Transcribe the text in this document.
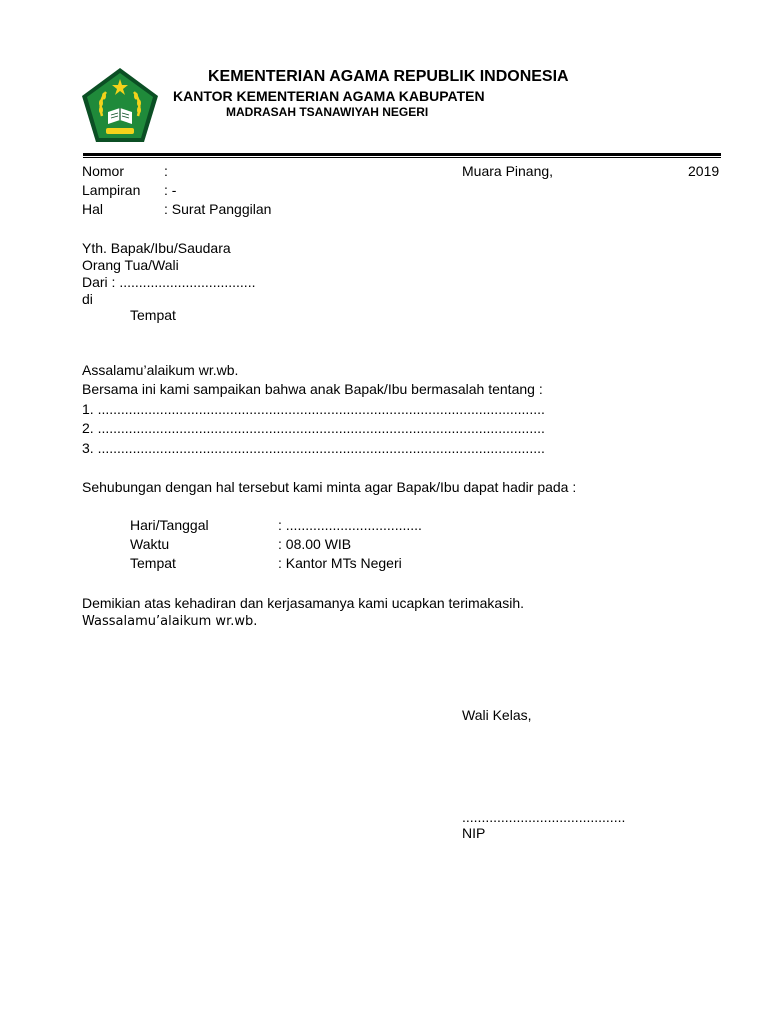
KEMENTERIAN AGAMA REPUBLIK INDONESIA
KANTOR KEMENTERIAN AGAMA KABUPATEN
MADRASAH TSANAWIYAH NEGERI
Nomor	:
Lampiran : -
Hal	: Surat Panggilan
Muara Pinang,	2019
Yth. Bapak/Ibu/Saudara
Orang Tua/Wali
Dari : ...................................
di
Tempat
Assalamu’alaikum wr.wb.
Bersama ini kami sampaikan bahwa anak Bapak/Ibu bermasalah tentang :
1. ...................................................................................................................
2. ...................................................................................................................
3. ...................................................................................................................
Sehubungan dengan hal tersebut kami minta agar Bapak/Ibu dapat hadir pada :
Hari/Tanggal	: ...................................
Waktu	: 08.00 WIB
Tempat	: Kantor MTs Negeri
Demikian atas kehadiran dan kerjasamanya kami ucapkan terimakasih.
Wassalamu’alaikum wr.wb.
Wali Kelas,
..........................................
NIP
